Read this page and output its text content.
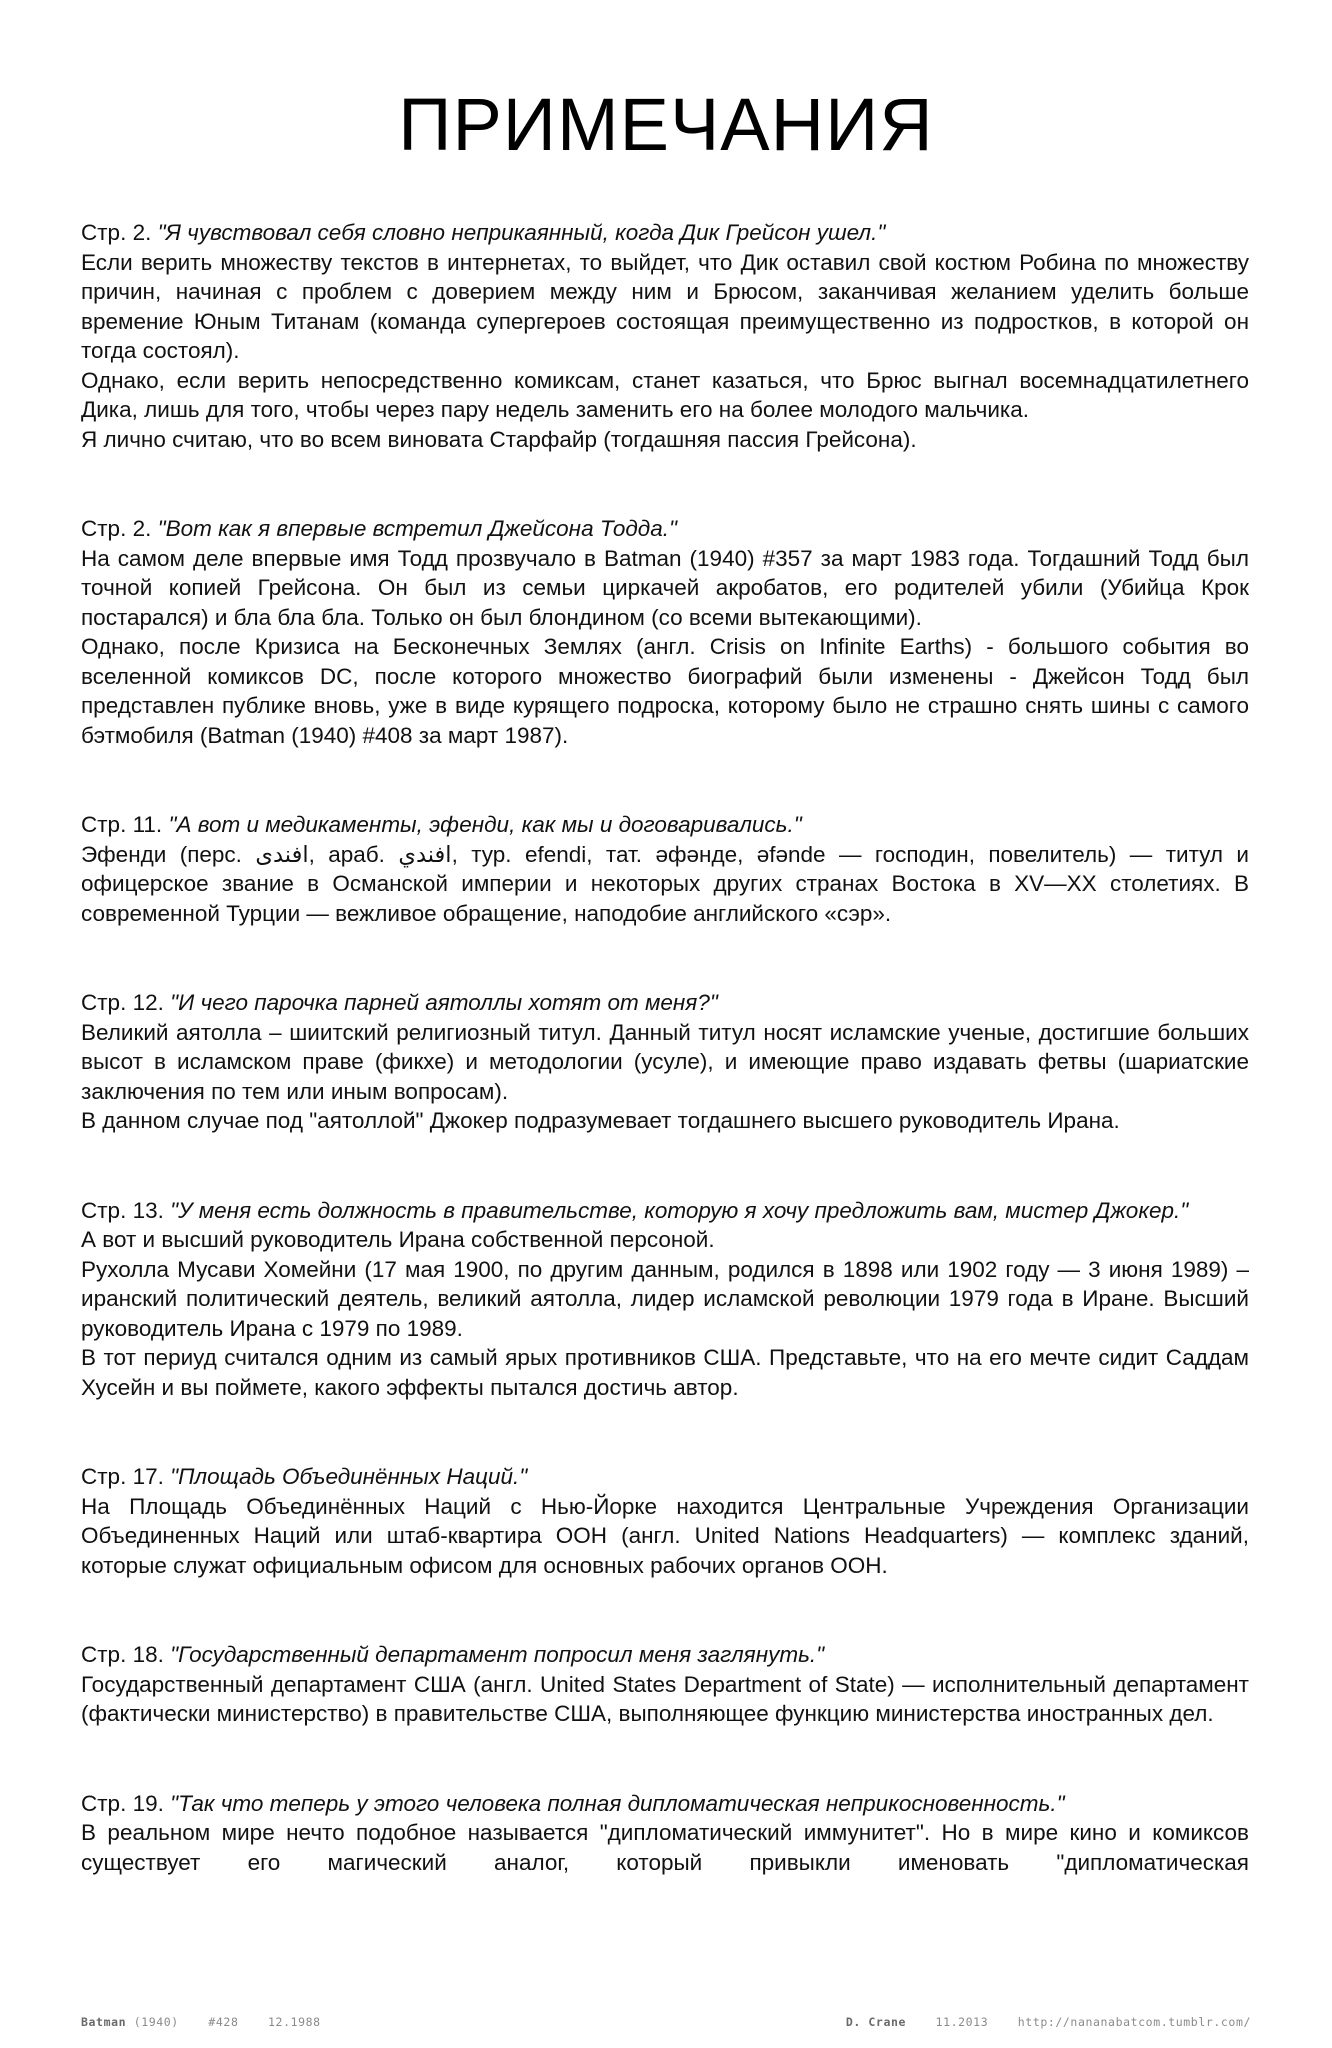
ПРИМЕЧАНИЯ
Стр. 2. "Я чувствовал себя словно неприкаянный, когда Дик Грейсон ушел."

Если верить множеству текстов в интернетах, то выйдет, что Дик оставил свой костюм Робина по множеству причин, начиная с проблем с доверием между ним и Брюсом, заканчивая желанием уделить больше времение Юным Титанам (команда супергероев состоящая преимущественно из подростков, в которой он тогда состоял).

Однако, если верить непосредственно комиксам, станет казаться, что Брюс выгнал восемнадцатилетнего Дика, лишь для того, чтобы через пару недель заменить его на более молодого мальчика.

Я лично считаю, что во всем виновата Старфайр (тогдашняя пассия Грейсона).

Стр. 2. "Вот как я впервые встретил Джейсона Тодда."

На самом деле впервые имя Тодд прозвучало в Batman (1940) #357 за март 1983 года. Тогдашний Тодд был точной копией Грейсона. Он был из семьи циркачей акробатов, его родителей убили (Убийца Крок постарался) и бла бла бла. Только он был блондином (со всеми вытекающими).

Однако, после Кризиса на Бесконечных Землях (англ. Crisis on Infinite Earths) - большого события во вселенной комиксов DC, после которого множество биографий были изменены - Джейсон Тодд был представлен публике вновь, уже в виде курящего подроска, которому было не страшно снять шины с самого бэтмобиля (Batman (1940) #408 за март 1987).

Стр. 11. "А вот и медикаменты, эфенди, как мы и договаривались."

Эфенди (перс. افندی, араб. افندي, тур. efendi, тат. әфәнде, əfənde — господин, повелитель) — титул и офицерское звание в Османской империи и некоторых других странах Востока в XV—XX столетиях. В современной Турции — вежливое обращение, наподобие английского «сэр».

Стр. 12. "И чего парочка парней аятоллы хотят от меня?"

Великий аятолла – шиитский религиозный титул. Данный титул носят исламские ученые, достигшие больших высот в исламском праве (фикхе) и методологии (усуле), и имеющие право издавать фетвы (шариатские заключения по тем или иным вопросам).

В данном случае под "аятоллой" Джокер подразумевает тогдашнего высшего руководитель Ирана.

Стр. 13. "У меня есть должность в правительстве, которую я хочу предложить вам, мистер Джокер."

А вот и высший руководитель Ирана собственной персоной.

Рухолла Мусави Хомейни (17 мая 1900, по другим данным, родился в 1898 или 1902 году — 3 июня 1989) – иранский политический деятель, великий аятолла, лидер исламской революции 1979 года в Иране. Высший руководитель Ирана с 1979 по 1989.

В тот периуд считался одним из самый ярых противников США. Представьте, что на его мечте сидит Саддам Хусейн и вы поймете, какого эффекты пытался достичь автор.

Стр. 17. "Площадь Объединённых Наций."

На Площадь Объединённых Наций с Нью-Йорке находится Центральные Учреждения Организации Объединенных Наций или штаб-квартира ООН (англ. United Nations Headquarters) — комплекс зданий, которые служат официальным офисом для основных рабочих органов ООН.

Стр. 18. "Государственный департамент попросил меня заглянуть."

Государственный департамент США (англ. United States Department of State) — исполнительный департамент (фактически министерство) в правительстве США, выполняющее функцию министерства иностранных дел.

Стр. 19. "Так что теперь у этого человека полная дипломатическая неприкосновенность."

В реальном мире нечто подобное называется "дипломатический иммунитет". Но в мире кино и комиксов существует его магический аналог, который привыкли именовать "дипломатическая

Batman (1940)	#428	12.1988	D. Crane	11.2013	http://nananabatcom.tumblr.com/
